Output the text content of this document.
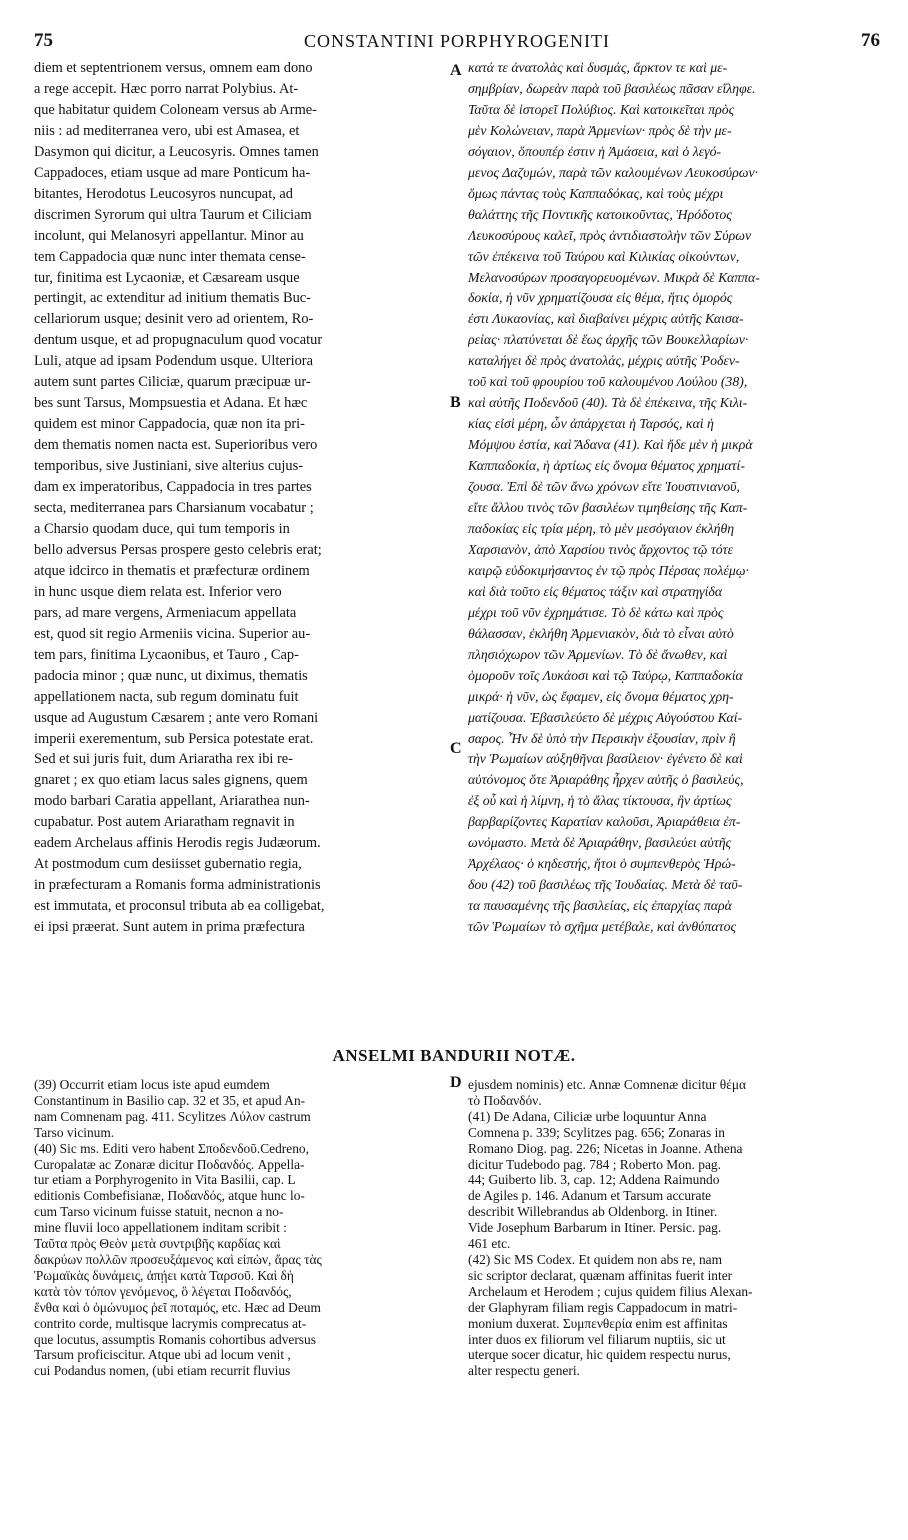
75	CONSTANTINI PORPHYROGENITI	76
diem et septentrionem versus, omnem eam dono
a rege accepit. Hæc porro narrat Polybius. At-
que habitatur quidem Coloneam versus ab Arme-
niis : ad mediterranea vero, ubi est Amasea, et
Dasymon qui dicitur, a Leucosyris. Omnes tamen
Cappadoces, etiam usque ad mare Ponticum ha-
bitantes, Herodotus Leucosyros nuncupat, ad
discrimen Syrorum qui ultra Taurum et Ciliciam
incolunt, qui Melanosyri appellantur. Minor au
tem Cappadocia quæ nunc inter themata cense-
tur, finitima est Lycaoniæ, et Cæsaream usque
pertingit, ac extenditur ad initium thematis Buc-
cellariorum usque; desinit vero ad orientem, Ro-
dentum usque, et ad propugnaculum quod vocatur
Luli, atque ad ipsam Podendum usque. Ulteriora
autem sunt partes Ciliciæ, quarum præcipuæ ur-
bes sunt Tarsus, Mompsuestia et Adana. Et hæc
quidem est minor Cappadocia, quæ non ita pri-
dem thematis nomen nacta est. Superioribus vero
temporibus, sive Justiniani, sive alterius cujus-
dam ex imperatoribus, Cappadocia in tres partes
secta, mediterranea pars Charsianum vocabatur ;
a Charsio quodam duce, qui tum temporis in
bello adversus Persas prospere gesto celebris erat;
atque idcirco in thematis et præfecturæ ordinem
in hunc usque diem relata est. Inferior vero
pars, ad mare vergens, Armeniacum appellata
est, quod sit regio Armeniis vicina. Superior au-
tem pars, finitima Lycaonibus, et Tauro , Cap-
padocia minor ; quæ nunc, ut diximus, thematis
appellationem nacta, sub regum dominatu fuit
usque ad Augustum Cæsarem ; ante vero Romani
imperii exerementum, sub Persica potestate erat.
Sed et sui juris fuit, dum Ariaratha rex ibi re-
gnaret ; ex quo etiam lacus sales gignens, quem
modo barbari Caratia appellant, Ariarathea nun-
cupabatur. Post autem Ariaratham regnavit in
eadem Archelaus affinis Herodis regis Judæorum.
At postmodum cum desiisset gubernatio regia,
in præfecturam a Romanis forma administrationis
est immutata, et proconsul tributa ab ea colligebat,
ei ipsi præerat. Sunt autem in prima præfectura
κατά τε ἀνατολὰς καὶ δυσμάς, ἄρκτον τε καὶ με-
σημβρίαν, δωρεὰν παρὰ τοῦ βασιλέως πᾶσαν εἴληφε.
Ταῦτα δὲ ἱστορεῖ Πολύβιος. Καὶ κατοικεῖται πρὸς
μὲν Κολώνειαν, παρὰ Ἀρμενίων· πρὸς δὲ τὴν με-
σόγαιον, ὅπουπέρ ἐστιν ἡ Ἀμάσεια, καὶ ὁ λεγό-
μενος Δαζυμών, παρὰ τῶν καλουμένων Λευκοσύρων·
ὅμως πάντας τοὺς Καππαδόκας, καὶ τοὺς μέχρι
θαλάττης τῆς Ποντικῆς κατοικοῦντας, Ἡρόδοτος
Λευκοσύρους καλεῖ, πρὸς ἀντιδιαστολὴν τῶν Σύρων
τῶν ἐπέκεινα τοῦ Ταύρου καὶ Κιλικίας οἰκούντων,
Μελανοσύρων προσαγορευομένων. Μικρὰ δὲ Καππα-
δοκία, ἡ νῦν χρηματίζουσα εἰς θέμα, ἥτις ὁμορός
ἐστι Λυκαονίας, καὶ διαβαίνει μέχρις αὐτῆς Καισα-
ρείας· πλατύνεται δὲ ἕως ἀρχῆς τῶν Βουκελλαρίων·
καταλήγει δὲ πρὸς ἀνατολάς, μέχρις αὐτῆς Ῥοδεν-
τοῦ καὶ τοῦ φρουρίου τοῦ καλουμένου Λούλου (38),
καὶ αὐτῆς Ποδενδοῦ (40). Τὰ δὲ ἐπέκεινα, τῆς Κιλι-
κίας εἰσὶ μέρη, ὧν ἀπάρχεται ἡ Ταρσός, καὶ ἡ
Μόμψου ἑστία, καὶ Ἄδανα (41). Καὶ ἤδε μὲν ἡ μικρὰ
Καππαδοκία, ἡ ἀρτίως εἰς ὄνομα θέματος χρηματί-
ζουσα. Ἐπὶ δὲ τῶν ἄνω χρόνων εἴτε Ἰουστινιανοῦ,
εἴτε ἄλλου τινὸς τῶν βασιλέων τιμηθείσης τῆς Καπ-
παδοκίας εἰς τρία μέρη, τὸ μὲν μεσόγαιον ἐκλήθη
Χαρσιανὸν, ἀπὸ Χαρσίου τινὸς ἄρχοντος τῷ τότε
καιρῷ εὐδοκιμήσαντος ἐν τῷ πρὸς Πέρσας πολέμῳ·
καὶ διὰ τοῦτο εἰς θέματος τάξιν καὶ στρατηγίδα
μέχρι τοῦ νῦν ἐχρημάτισε. Τὸ δὲ κάτω καὶ πρὸς
θάλασσαν, ἐκλήθη Ἀρμενιακὸν, διὰ τὸ εἶναι αὐτὸ
πλησιόχωρον τῶν Ἀρμενίων. Τὸ δὲ ἄνωθεν, καὶ
ὁμοροῦν τοῖς Λυκάοσι καὶ τῷ Ταύρῳ, Καππαδοκία
μικρά· ἡ νῦν, ὡς ἔφαμεν, εἰς ὄνομα θέματος χρη-
ματίζουσα. Ἐβασιλεύετο δὲ μέχρις Αὐγούστου Καί-
σαρος. Ἦν δὲ ὑπὸ τὴν Περσικὴν ἐξουσίαν, πρὶν ἢ
τὴν Ῥωμαίων αὐξηθῆναι βασίλειον· ἐγένετο δὲ καὶ
αὐτόνομος ὅτε Ἀριαράθης ἦρχεν αὐτῆς ὁ βασιλεύς,
ἐξ οὗ καὶ ἡ λίμνη, ἡ τὸ ἅλας τίκτουσα, ἣν ἀρτίως
βαρβαρίζοντες Καρατίαν καλοῦσι, Ἀριαράθεια ἐπ-
ωνόμαστο. Μετὰ δὲ Ἀριαράθην, βασιλεύει αὐτῆς
Ἀρχέλαος· ὁ κηδεστής, ἤτοι ὁ συμπενθερὸς Ἡρώ-
δου (42) τοῦ βασιλέως τῆς Ἰουδαίας. Μετὰ δὲ ταῦ-
τα παυσαμένης τῆς βασιλείας, εἰς ἐπαρχίας παρὰ
τῶν Ῥωμαίων τὸ σχῆμα μετέβαλε, καὶ ἀνθύπατος
A
B
C
D
ANSELMI BANDURII NOTÆ.
(39) Occurrit etiam locus iste apud eumdem
Constantinum in Basilio cap. 32 et 35, et apud An-
nam Comnenam pag. 411. Scylitzes Λύλον castrum
Tarso vicinum.
(40) Sic ms. Editi vero habent Σποδενδοῦ.Cedreno,
Curopalatæ ac Zonaræ dicitur Ποδανδός. Appella-
tur etiam a Porphyrogenito in Vita Basilii, cap. L
editionis Combefisianæ, Ποδανδός, atque hunc lo-
cum Tarso vicinum fuisse statuit, necnon a no-
mine fluvii loco appellationem inditam scribit :
Ταῦτα πρὸς Θεὸν μετὰ συντριβῆς καρδίας καὶ
δακρύων πολλῶν προσευξάμενος καὶ εἰπὼν, ἄρας τὰς
Ῥωμαϊκὰς δυνάμεις, ἀπῄει κατὰ Ταρσοῦ. Καὶ δὴ
κατὰ τὸν τόπον γενόμενος, ὃ λέγεται Ποδανδός,
ἔνθα καὶ ὁ ὁμώνυμος ῥεῖ ποταμός, etc. Hæc ad Deum
contrito corde, multisque lacrymis comprecatus at-
que locutus, assumptis Romanis cohortibus adversus
Tarsum proficiscitur. Atque ubi ad locum venit ,
cui Podandus nomen, (ubi etiam recurrit fluvius
ejusdem nominis) etc. Annæ Comnenæ dicitur θέμα
τὸ Ποδανδόν.
(41) De Adana, Ciliciæ urbe loquuntur Anna
Comnena p. 339; Scylitzes pag. 656; Zonaras in
Romano Diog. pag. 226; Nicetas in Joanne. Athena
dicitur Tudebodo pag. 784 ; Roberto Mon. pag.
44; Guiberto lib. 3, cap. 12; Addena Raimundo
de Agiles p. 146. Adanum et Tarsum accurate
describit Willebrandus ab Oldenborg. in Itiner.
Vide Josephum Barbarum in Itiner. Persic. pag.
461 etc.
(42) Sic MS Codex. Et quidem non abs re, nam
sic scriptor declarat, quænam affinitas fuerit inter
Archelaum et Herodem ; cujus quidem filius Alexan-
der Glaphyram filiam regis Cappadocum in matri-
monium duxerat. Συμπενθερία enim est affinitas
inter duos ex filiorum vel filiarum nuptiis, sic ut
uterque socer dicatur, hic quidem respectu nurus,
alter respectu generi.
